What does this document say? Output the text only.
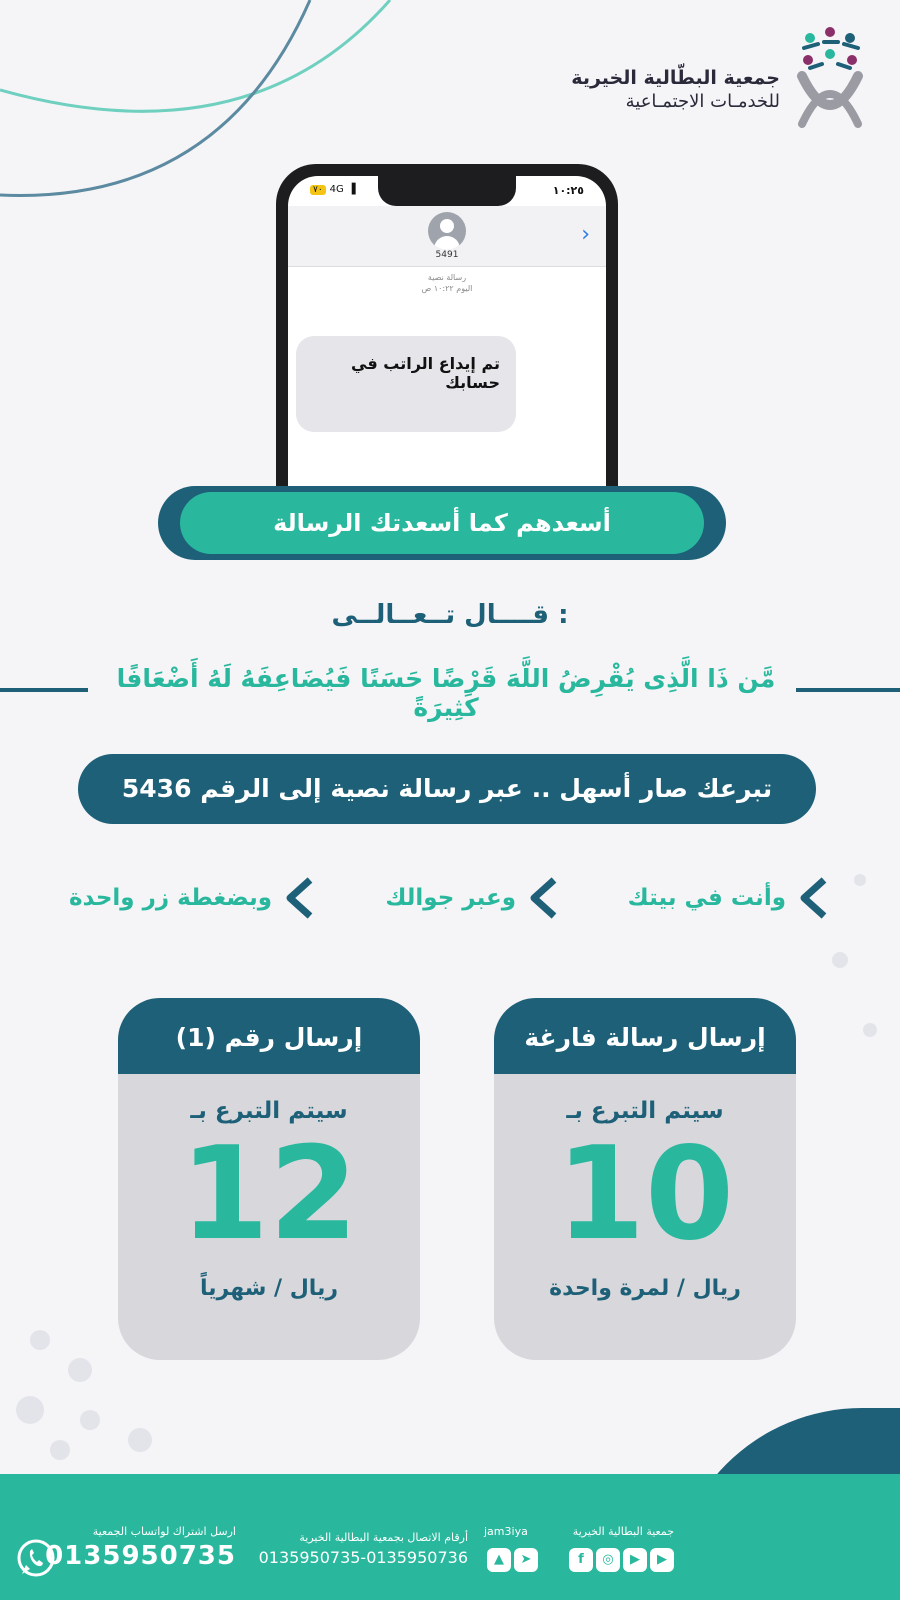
جمعية البطّالية الخيرية
للخدمـات الاجتمـاعية
5491
›
١٠:٢٥
٧٠ 4G ▐
رسالة نصية
اليوم ١٠:٢٢ ص
تم إيداع الراتب في حسابك
أسعدهم كما أسعدتك الرسالة
قــــال تــعــالــى :
مَّن ذَا الَّذِى يُقْرِضُ اللَّهَ قَرْضًا حَسَنًا فَيُضَاعِفَهُ لَهُ أَضْعَافًا كَثِيرَةً
تبرعك صار أسهل .. عبر رسالة نصية إلى الرقم 5436
وأنت في بيتك
وعبر جوالك
وبضغطة زر واحدة
إرسال رسالة فارغة
سيتم التبرع بـ
10
ريال / لمرة واحدة
إرسال رقم (1)
سيتم التبرع بـ
12
ريال / شهرياً
ارسل اشتراك لواتساب الجمعية
0135950735
أرقام الاتصال بجمعية البطالية الخيرية
0135950735-0135950736
jam3iya	جمعية البطالية الخيرية
▲ ➤	f ◎ ▶ ▶
